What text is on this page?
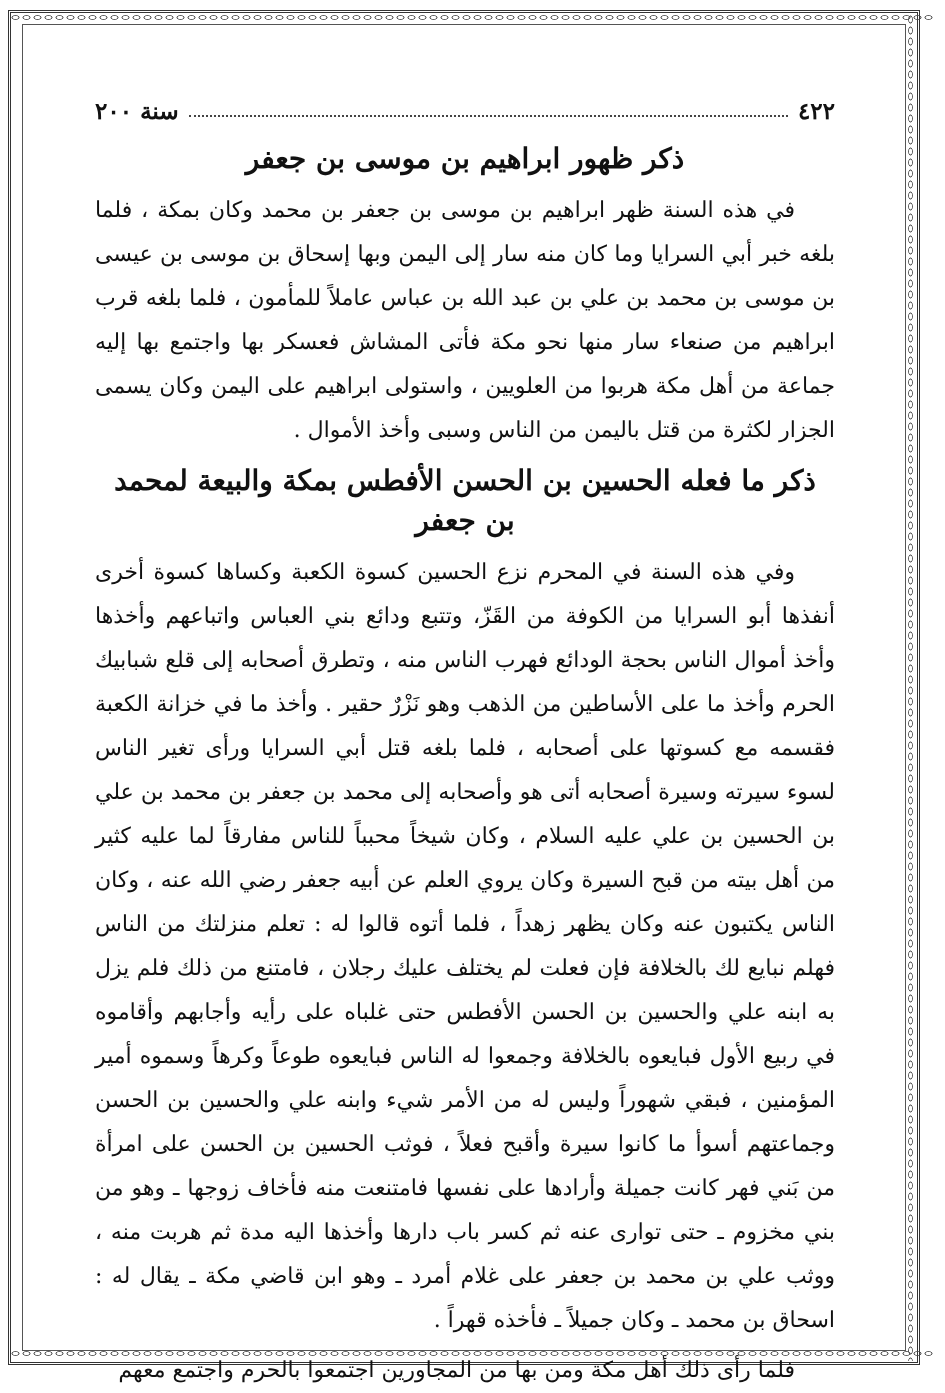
٤٢٢
سنة ٢٠٠
ذكر ظهور ابراهيم بن موسى بن جعفر

في هذه السنة ظهر ابراهيم بن موسى بن جعفر بن محمد وكان بمكة ، فلما بلغه خبر أبي السرايا وما كان منه سار إلى اليمن وبها إسحاق بن موسى بن عيسى بن موسى بن محمد بن علي بن عبد الله بن عباس عاملاً للمأمون ، فلما بلغه قرب ابراهيم من صنعاء سار منها نحو مكة فأتى المشاش فعسكر بها واجتمع بها إليه جماعة من أهل مكة هربوا من العلويين ، واستولى ابراهيم على اليمن وكان يسمى الجزار لكثرة من قتل باليمن من الناس وسبى وأخذ الأموال .

ذكر ما فعله الحسين بن الحسن الأفطس بمكة والبيعة لمحمد بن جعفر

وفي هذه السنة في المحرم نزع الحسين كسوة الكعبة وكساها كسوة أخرى أنفذها أبو السرايا من الكوفة من القَزّ، وتتبع ودائع بني العباس واتباعهم وأخذها وأخذ أموال الناس بحجة الودائع فهرب الناس منه ، وتطرق أصحابه إلى قلع شبابيك الحرم وأخذ ما على الأساطين من الذهب وهو نَزْرٌ حقير . وأخذ ما في خزانة الكعبة فقسمه مع كسوتها على أصحابه ، فلما بلغه قتل أبي السرايا ورأى تغير الناس لسوء سيرته وسيرة أصحابه أتى هو وأصحابه إلى محمد بن جعفر بن محمد بن علي بن الحسين بن علي عليه السلام ، وكان شيخاً محبباً للناس مفارقاً لما عليه كثير من أهل بيته من قبح السيرة وكان يروي العلم عن أبيه جعفر رضي الله عنه ، وكان الناس يكتبون عنه وكان يظهر زهداً ، فلما أتوه قالوا له : تعلم منزلتك من الناس فهلم نبايع لك بالخلافة فإن فعلت لم يختلف عليك رجلان ، فامتنع من ذلك فلم يزل به ابنه علي والحسين بن الحسن الأفطس حتى غلباه على رأيه وأجابهم وأقاموه في ربيع الأول فبايعوه بالخلافة وجمعوا له الناس فبايعوه طوعاً وكرهاً وسموه أمير المؤمنين ، فبقي شهوراً وليس له من الأمر شيء وابنه علي والحسين بن الحسن وجماعتهم أسوأ ما كانوا سيرة وأقبح فعلاً ، فوثب الحسين بن الحسن على امرأة من بَني فهر كانت جميلة وأرادها على نفسها فامتنعت منه فأخاف زوجها ـ وهو من بني مخزوم ـ حتى توارى عنه ثم كسر باب دارها وأخذها اليه مدة ثم هربت منه ، ووثب علي بن محمد بن جعفر على غلام أمرد ـ وهو ابن قاضي مكة ـ يقال له : اسحاق بن محمد ـ وكان جميلاً ـ فأخذه قهراً .

فلما رأى ذلك أهل مكة ومن بها من المجاورين اجتمعوا بالحرم واجتمع معهم
